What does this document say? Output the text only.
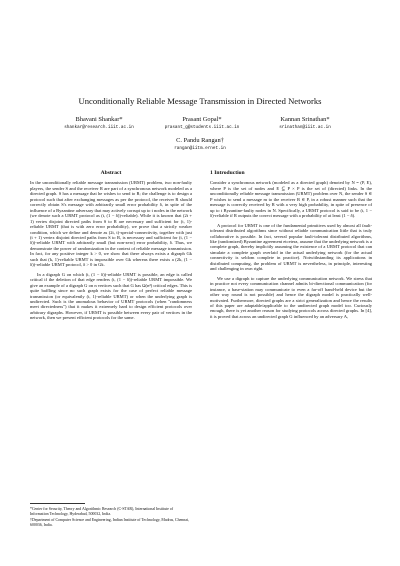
Unconditionally Reliable Message Transmission in Directed Networks
Bhavani Shankar*
shankar@research.iiit.ac.in
Prasant Gopal*
prasant_g@students.iiit.ac.in
Kannan Srinathan*
srinathan@iiit.ac.in
C. Pandu Rangan†
rangan@iitm.ernet.in
Abstract

In the unconditionally reliable message transmission (URMT) problem, two non-faulty players, the sender S and the receiver R are part of a synchronous network modeled as a directed graph. S has a message that he wishes to send to R; the challenge is to design a protocol such that after exchanging messages as per the protocol, the receiver R should correctly obtain S's message with arbitrarily small error probability δ, in spite of the influence of a Byzantine adversary that may actively corrupt up to t nodes in the network (we denote such a URMT protocol as (t, (1 − δ))-reliable). While it is known that (2t + 1) vertex disjoint directed paths from S to R are necessary and sufficient for (t, 1)-reliable URMT (that is with zero error probability), we prove that a strictly weaker condition, which we define and denote as (2t, t)-special-connectivity, together with just (t + 1) vertex disjoint directed paths from S to R, is necessary and sufficient for (t, (1 − δ))-reliable URMT with arbitrarily small (but non-zero) error probability, δ. Thus, we demonstrate the power of randomization in the context of reliable message transmission. In fact, for any positive integer k > 0, we show that there always exists a digraph Gk such that (k, 1)-reliable URMT is impossible over Gk whereas there exists a (2k, (1 − δ))-reliable URMT protocol, δ > 0 in Gk.

In a digraph G on which (t, (1 − δ))-reliable URMT is possible, an edge is called critical if the deletion of that edge renders (t, (1 − δ))-reliable URMT impossible. We give an example of a digraph G on n vertices such that G has Ω(n²) critical edges. This is quite baffling since no such graph exists for the case of perfect reliable message transmission (or equivalently (t, 1)-reliable URMT) or when the underlying graph is undirected. Such is the anomalous behavior of URMT protocols (when "randomness meet directedness") that it makes it extremely hard to design efficient protocols over arbitrary digraphs. However, if URMT is possible between every pair of vertices in the network, then we present efficient protocols for the same.

1 Introduction

Consider a synchronous network (modeled as a directed graph) denoted by N = (P, E), where P is the set of nodes and E ⊆ P × P is the set of (directed) links. In the unconditionally reliable message transmission (URMT) problem over N, the sender S ∈ P wishes to send a message m to the receiver R ∈ P, in a robust manner such that the message is correctly received by R with a very high probability, in spite of presence of up to t Byzantine-faulty nodes in N. Specifically, a URMT protocol is said to be (t, 1 − δ)-reliable if R outputs the correct message with a probability of at least (1 − δ).

A protocol for URMT is one of the fundamental primitives used by almost all fault-tolerant distributed algorithms since without reliable communication little that is truly collaborative is possible. In fact, several popular fault-tolerant distributed algorithms, like (randomized) Byzantine agreement etcetera, assume that the underlying network is a complete graph, thereby implicitly assuming the existence of a URMT protocol that can simulate a complete graph overlaid in the actual underlying network (for the actual connectivity is seldom complete in practice). Notwithstanding its applications in distributed computing, the problem of URMT is nevertheless, in principle, interesting and challenging in own right.

We use a digraph to capture the underlying communication network. We stress that in practice not every communication channel admits bi-directional communication (for instance, a base-station may communicate to even a far-off hand-held device but the other way round is not possible) and hence the digraph model is practically well-motivated. Furthermore, directed graphs are a strict generalization and hence the results of this paper are adaptable/applicable to the undirected graph model too. Curiously enough, there is yet another reason for studying protocols across directed graphs. In [4], it is proved that across an undirected graph G influenced by an adversary A,

*Center for Security, Theory and Algorithmic Research (C-STAR), International Institute of Information Technology, Hyderabad, 500032, India.

†Department of Computer Science and Engineering, Indian Institute of Technology, Madras, Chennai, 600036, India.
